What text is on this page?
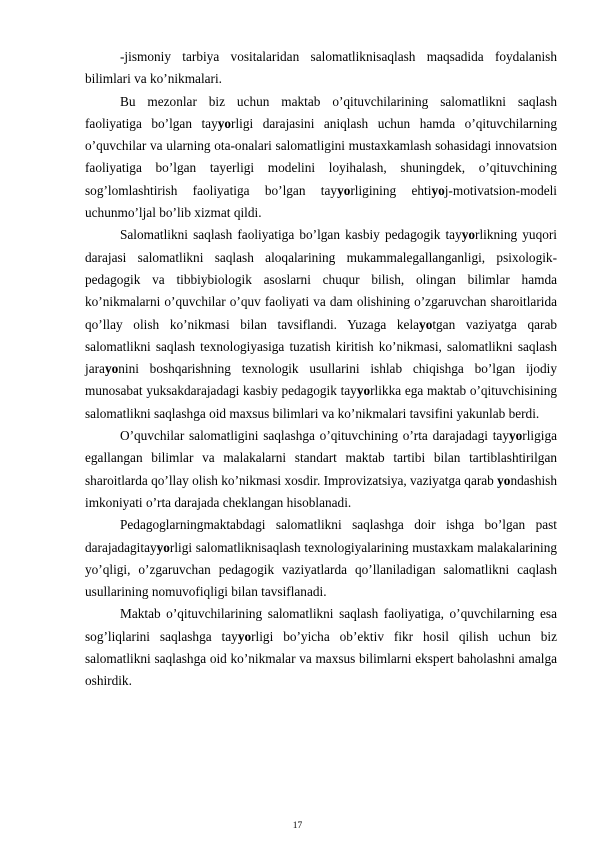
-jismoniy tarbiya vositalaridan salomatliknisaqlash maqsadida foydalanish bilimlari va ko’nikmalari.

Bu mezonlar biz uchun maktab o’qituvchilarining salomatlikni saqlash faoliyatiga bo’lgan tayyorligi darajasini aniqlash uchun hamda o’qituvchilarning o’quvchilar va ularning ota-onalari salomatligini mustaxkamlash sohasidagi innovatsion faoliyatiga bo’lgan tayerligi modelini loyihalash, shuningdek, o’qituvchining sog’lomlashtirish faoliyatiga bo’lgan tayyorligining ehtiyoj-motivatsion-modeli uchunmo’ljal bo’lib xizmat qildi.

Salomatlikni saqlash faoliyatiga bo’lgan kasbiy pedagogik tayyorlikning yuqori darajasi salomatlikni saqlash aloqalarining mukammalegallanganligi, psixologik-pedagogik va tibbiybiologik asoslarni chuqur bilish, olingan bilimlar hamda ko’nikmalarni o’quvchilar o’quv faoliyati va dam olishining o’zgaruvchan sharoitlarida qo’llay olish ko’nikmasi bilan tavsiflandi. Yuzaga kelayotgan vaziyatga qarab salomatlikni saqlash texnologiyasiga tuzatish kiritish ko’nikmasi, salomatlikni saqlash jarayonini boshqarishning texnologik usullarini ishlab chiqishga bo’lgan ijodiy munosabat yuksakdarajadagi kasbiy pedagogik tayyorlikka ega maktab o’qituvchisining salomatlikni saqlashga oid maxsus bilimlari va ko’nikmalari tavsifini yakunlab berdi.

O’quvchilar salomatligini saqlashga o’qituvchining o’rta darajadagi tayyorligiga egallangan bilimlar va malakalarni standart maktab tartibi bilan tartiblashtirilgan sharoitlarda qo’llay olish ko’nikmasi xosdir. Improvizatsiya, vaziyatga qarab yondashish imkoniyati o’rta darajada cheklangan hisoblanadi.

Pedagoglarningmaktabdagi salomatlikni saqlashga doir ishga bo’lgan past darajadagitayyorligi salomatliknisaqlash texnologiyalarining mustaxkam malakalarining yo’qligi, o’zgaruvchan pedagogik vaziyatlarda qo’llaniladigan salomatlikni caqlash usullarining nomuvofiqligi bilan tavsiflanadi.

Maktab o’qituvchilarining salomatlikni saqlash faoliyatiga, o’quvchilarning esa sog’liqlarini saqlashga tayyorligi bo’yicha ob’ektiv fikr hosil qilish uchun biz salomatlikni saqlashga oid ko’nikmalar va maxsus bilimlarni ekspert baholashni amalga oshirdik.

17
